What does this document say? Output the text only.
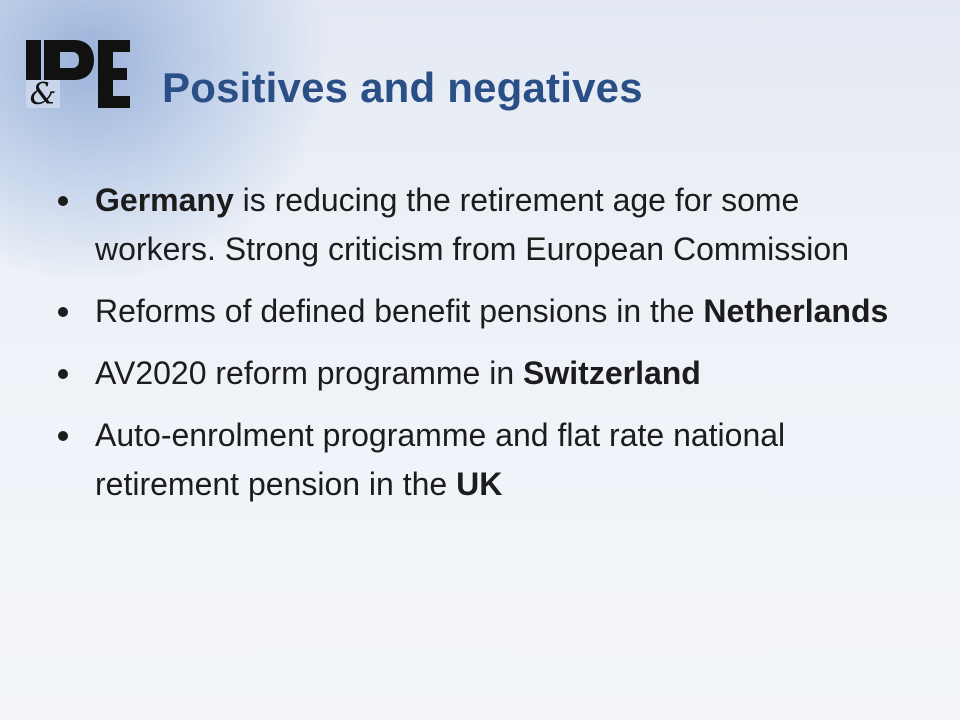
&	Positives and negatives
Germany is reducing the retirement age for some workers. Strong criticism from European Commission
Reforms of defined benefit pensions in the Netherlands
AV2020 reform programme in Switzerland
Auto-enrolment programme and flat rate national retirement pension in the UK
